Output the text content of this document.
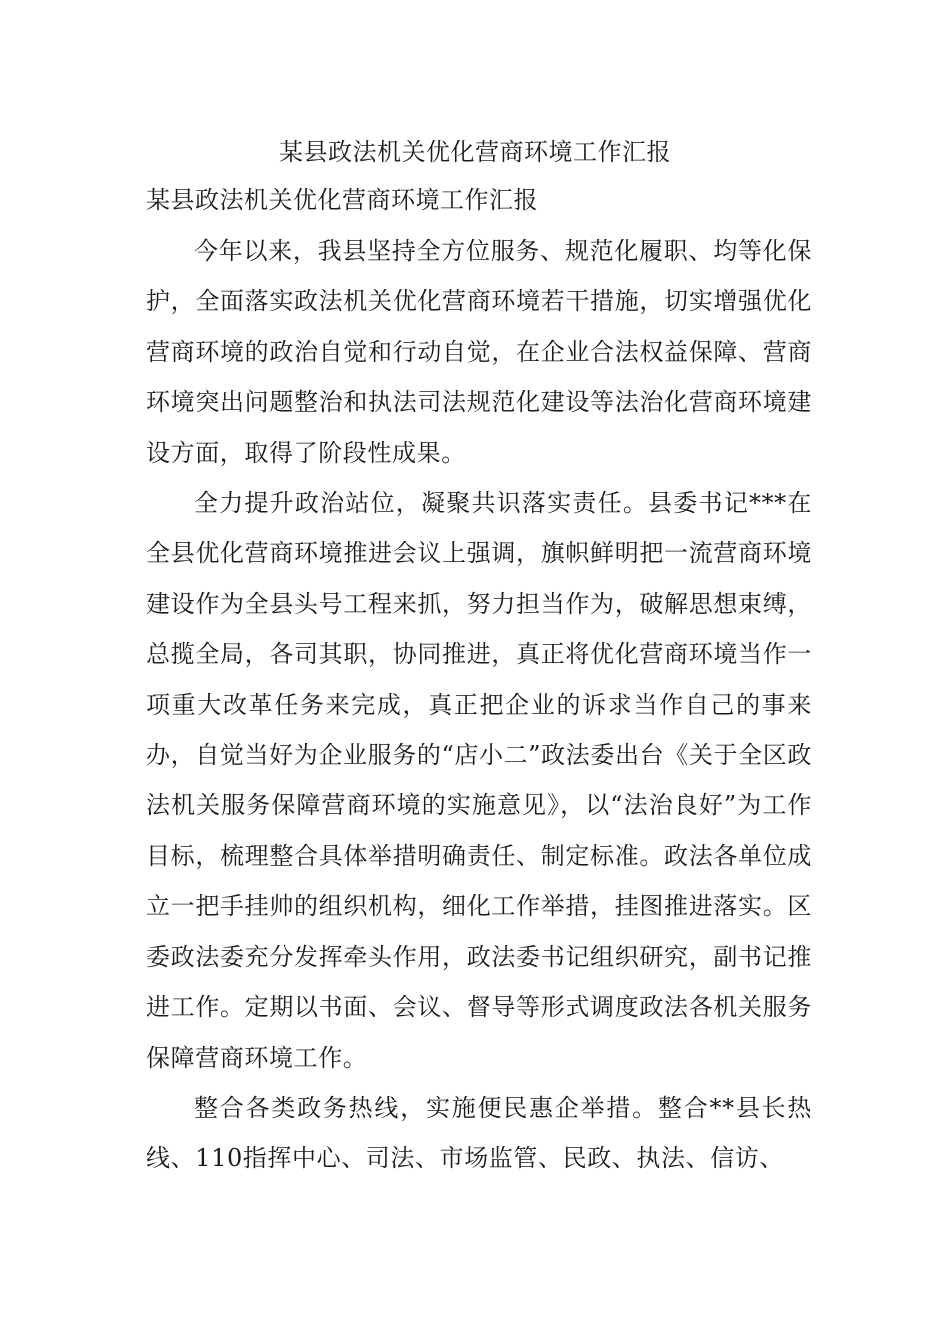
某县政法机关优化营商环境工作汇报
某县政法机关优化营商环境工作汇报

今年以来，我县坚持全方位服务、规范化履职、均等化保护，全面落实政法机关优化营商环境若干措施，切实增强优化营商环境的政治自觉和行动自觉，在企业合法权益保障、营商环境突出问题整治和执法司法规范化建设等法治化营商环境建设方面，取得了阶段性成果。

全力提升政治站位，凝聚共识落实责任。县委书记***在全县优化营商环境推进会议上强调，旗帜鲜明把一流营商环境建设作为全县头号工程来抓，努力担当作为，破解思想束缚，总揽全局，各司其职，协同推进，真正将优化营商环境当作一项重大改革任务来完成，真正把企业的诉求当作自己的事来办，自觉当好为企业服务的“店小二”政法委出台《关于全区政法机关服务保障营商环境的实施意见》，以“法治良好”为工作目标，梳理整合具体举措明确责任、制定标准。政法各单位成立一把手挂帅的组织机构，细化工作举措，挂图推进落实。区委政法委充分发挥牵头作用，政法委书记组织研究，副书记推进工作。定期以书面、会议、督导等形式调度政法各机关服务保障营商环境工作。

整合各类政务热线，实施便民惠企举措。整合**县长热线、110指挥中心、司法、市场监管、民政、执法、信访、
